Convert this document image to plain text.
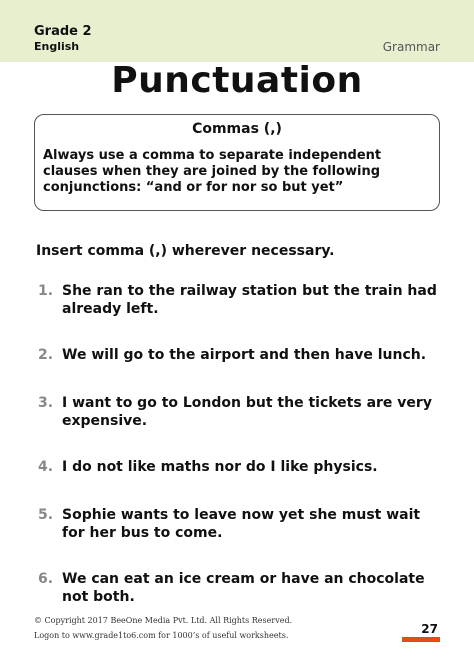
Grade 2
English	Grammar
Punctuation
Commas (,)
Always use a comma to separate independent clauses when they are joined by the following conjunctions: “and or for nor so but yet”
Insert comma (,) wherever necessary.
1. She ran to the railway station but the train had already left.
2. We will go to the airport and then have lunch.
3. I want to go to London but the tickets are very expensive.
4. I do not like maths nor do I like physics.
5. Sophie wants to leave now yet she must wait for her bus to come.
6. We can eat an ice cream or have an chocolate not both.
© Copyright 2017 BeeOne Media Pvt. Ltd. All Rights Reserved.
Logon to www.grade1to6.com for 1000’s of useful worksheets.	27
